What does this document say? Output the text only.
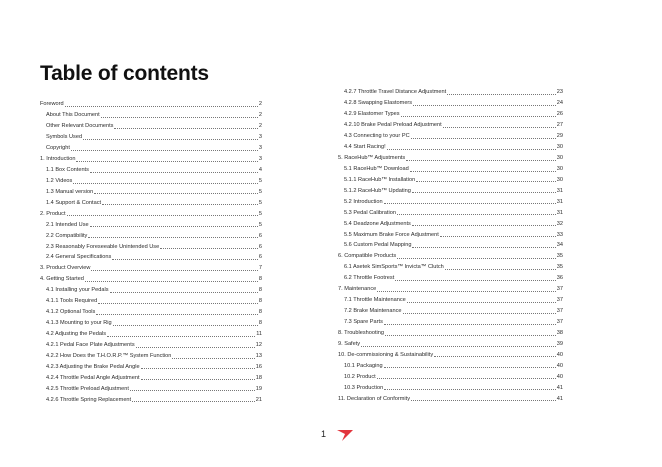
Table of contents
Foreword	2
About This Document	2
Other Relevant Documents	2
Symbols Used	3
Copyright	3
1. Introduction	3
1.1 Box Contents	4
1.2 Videos	5
1.3 Manual version	5
1.4 Support & Contact	5
2. Product	5
2.1 Intended Use	5
2.2 Compatibility	6
2.3 Reasonably Foreseeable Unintended Use	6
2.4 General Specifications	6
3. Product Overview	7
4. Getting Started	8
4.1 Installing your Pedals	8
4.1.1 Tools Required	8
4.1.2 Optional Tools	8
4.1.3 Mounting to your Rig	8
4.2 Adjusting the Pedals	11
4.2.1 Pedal Face Plate Adjustments	12
4.2.2 How Does the T.H.O.R.P.™ System Function	13
4.2.3 Adjusting the Brake Pedal Angle	16
4.2.4 Throttle Pedal Angle Adjustment	18
4.2.5 Throttle Preload Adjustment	19
4.2.6 Throttle Spring Replacement	21
4.2.7 Throttle Travel Distance Adjustment	23
4.2.8 Swapping Elastomers	24
4.2.9 Elastomer Types	26
4.2.10 Brake Pedal Preload Adjustment	27
4.3 Connecting to your PC	29
4.4 Start Racing!	30
5. RaceHub™ Adjustments	30
5.1 RaceHub™ Download	30
5.1.1 RaceHub™ Installation	30
5.1.2 RaceHub™ Updating	31
5.2 Introduction	31
5.3 Pedal Calibration	31
5.4 Deadzone Adjustments	32
5.5 Maximum Brake Force Adjustment	33
5.6 Custom Pedal Mapping	34
6. Compatible Products	35
6.1 Asetek SimSports™ Invicta™ Clutch	35
6.2 Throttle Footrest	36
7. Maintenance	37
7.1 Throttle Maintenance	37
7.2 Brake Maintenance	37
7.3 Spare Parts	37
8. Troubleshooting	38
9. Safety	39
10. De-commissioning & Sustainability	40
10.1 Packaging	40
10.2 Product	40
10.3 Production	41
11. Declaration of Conformity	41

1
